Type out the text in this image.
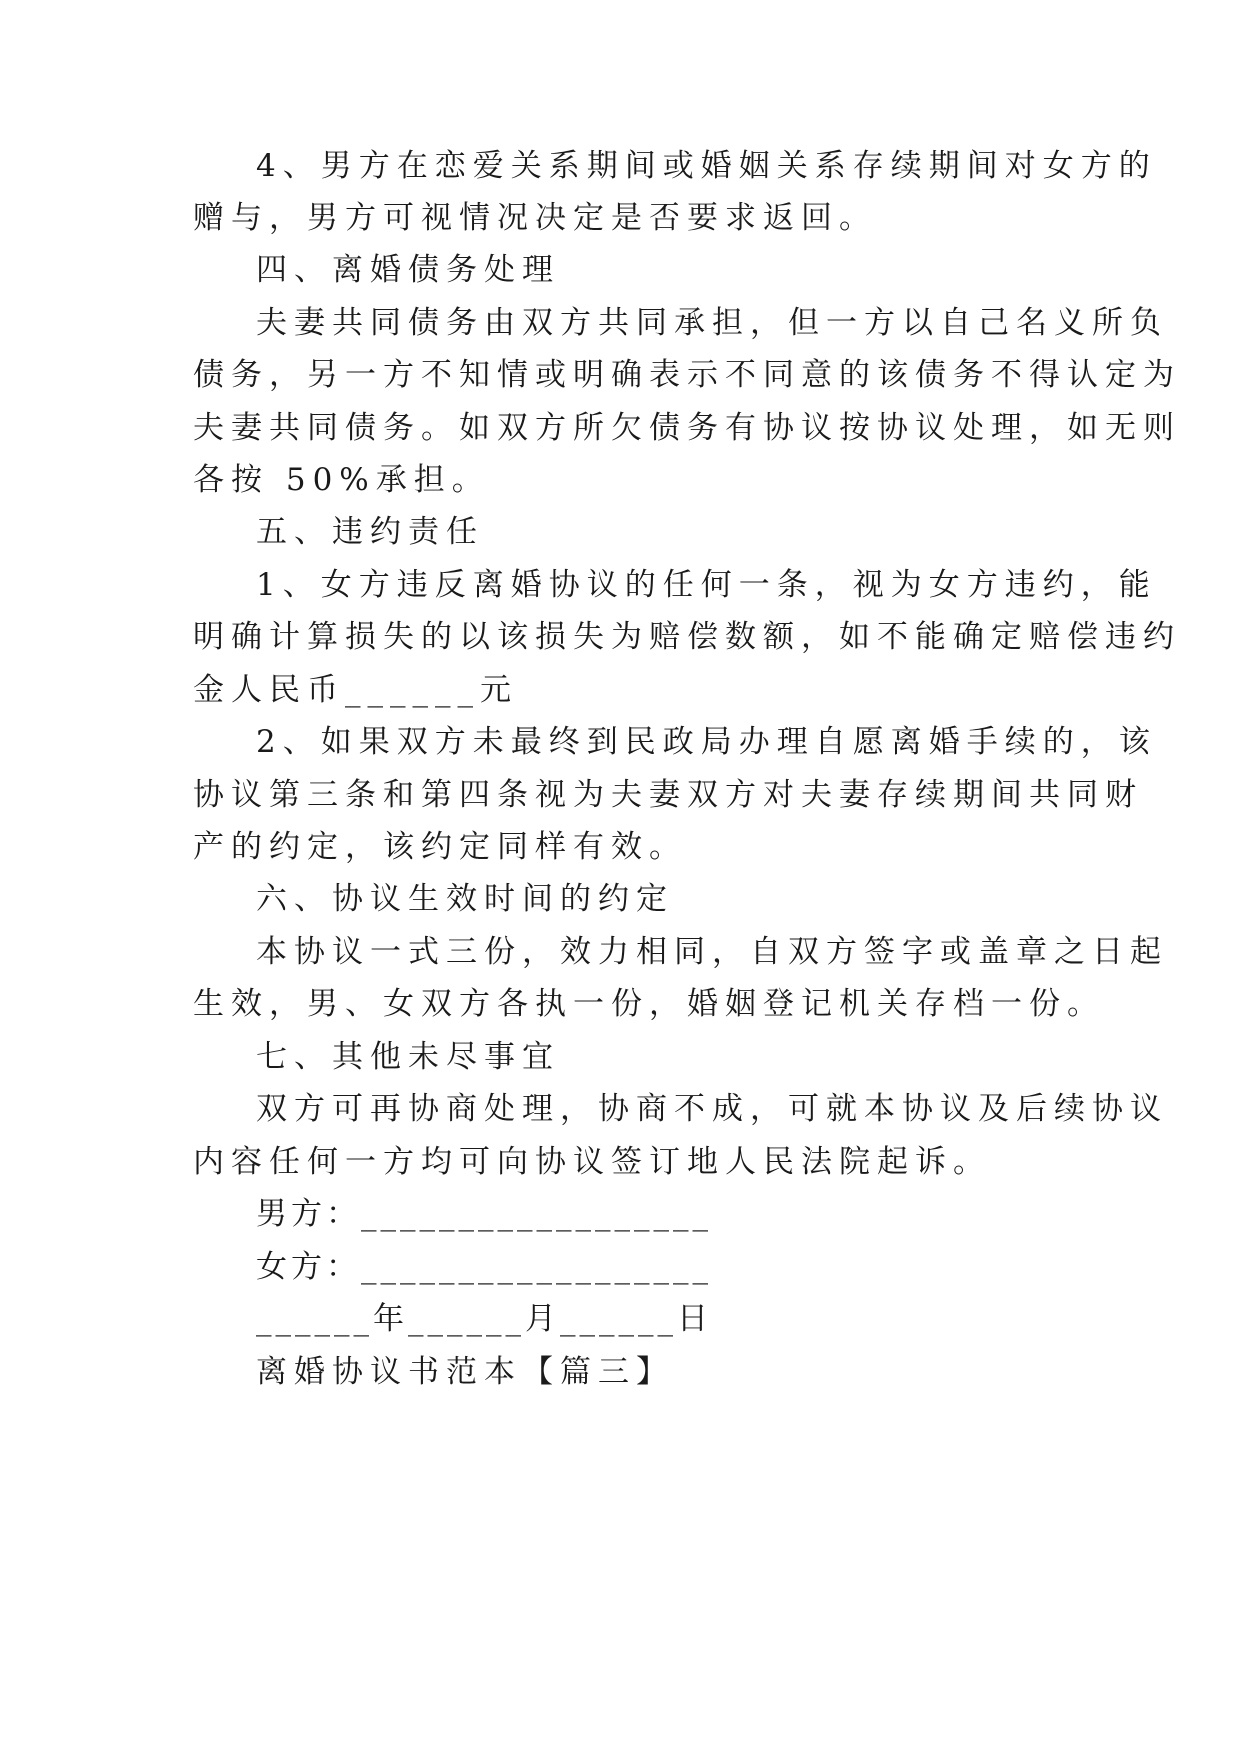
4、男方在恋爱关系期间或婚姻关系存续期间对女方的

赠与，男方可视情况决定是否要求返回。

四、离婚债务处理

夫妻共同债务由双方共同承担，但一方以自己名义所负

债务，另一方不知情或明确表示不同意的该债务不得认定为

夫妻共同债务。如双方所欠债务有协议按协议处理，如无则

各按 50%承担。

五、违约责任

1、女方违反离婚协议的任何一条，视为女方违约，能

明确计算损失的以该损失为赔偿数额，如不能确定赔偿违约

金人民币______元

2、如果双方未最终到民政局办理自愿离婚手续的，该

协议第三条和第四条视为夫妻双方对夫妻存续期间共同财

产的约定，该约定同样有效。

六、协议生效时间的约定

本协议一式三份，效力相同，自双方签字或盖章之日起

生效，男、女双方各执一份，婚姻登记机关存档一份。

七、其他未尽事宜

双方可再协商处理，协商不成，可就本协议及后续协议

内容任何一方均可向协议签订地人民法院起诉。

男方：__________________

女方：__________________

______年______月______日

离婚协议书范本【篇三】
